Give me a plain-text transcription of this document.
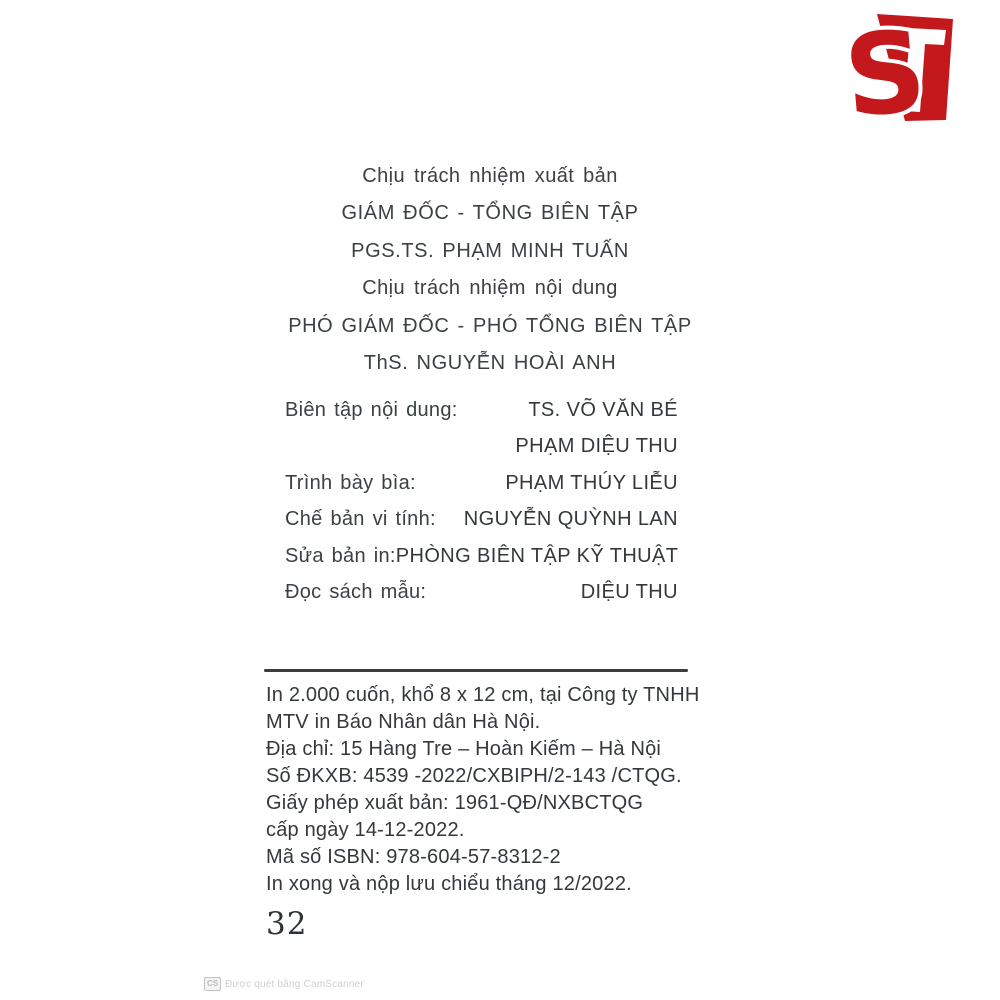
S
Chịu trách nhiệm xuất bản
GIÁM ĐỐC - TỔNG BIÊN TẬP
PGS.TS. PHẠM MINH TUẤN
Chịu trách nhiệm nội dung
PHÓ GIÁM ĐỐC - PHÓ TỔNG BIÊN TẬP
ThS. NGUYỄN HOÀI ANH
Biên tập nội dung:	TS. VÕ VĂN BÉ
PHẠM DIỆU THU
Trình bày bìa:	PHẠM THÚY LIỄU
Chế bản vi tính: NGUYỄN QUỲNH LAN
Sửa bản in: PHÒNG BIÊN TẬP KỸ THUẬT
Đọc sách mẫu:	DIỆU THU
In 2.000 cuốn, khổ 8 x 12 cm, tại Công ty TNHH
MTV in Báo Nhân dân Hà Nội.
Địa chỉ: 15 Hàng Tre – Hoàn Kiếm – Hà Nội
Số ĐKXB: 4539 -2022/CXBIPH/2-143 /CTQG.
Giấy phép xuất bản: 1961-QĐ/NXBCTQG
cấp ngày 14-12-2022.
Mã số ISBN: 978-604-57-8312-2
In xong và nộp lưu chiểu tháng 12/2022.
32
CS Được quét bằng CamScanner
